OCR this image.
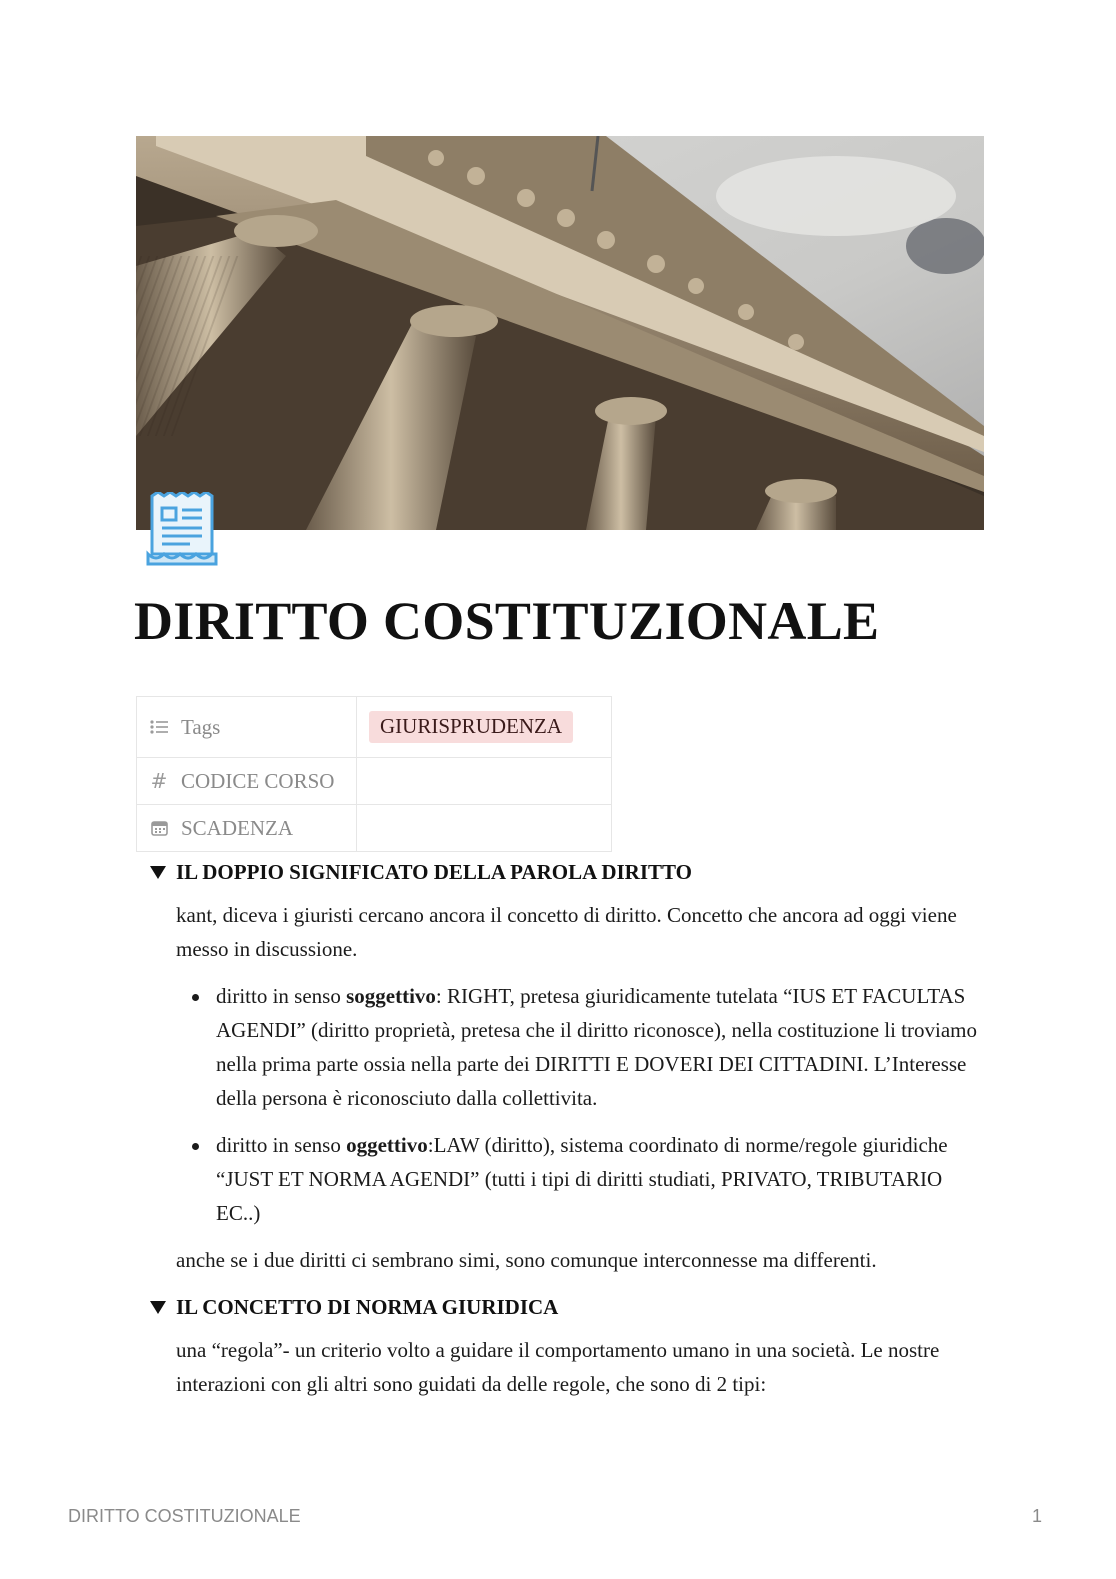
DIRITTO COSTITUZIONALE
Tags	GIURISPRUDENZA

# CODICE CORSO	

SCADENZA	

IL DOPPIO SIGNIFICATO DELLA PAROLA DIRITTO

kant, diceva i giuristi cercano ancora il concetto di diritto. Concetto che ancora ad oggi viene messo in discussione.

diritto in senso soggettivo: RIGHT, pretesa giuridicamente tutelata “IUS ET FACULTAS AGENDI” (diritto proprietà, pretesa che il diritto riconosce), nella costituzione li troviamo nella prima parte ossia nella parte dei DIRITTI E DOVERI DEI CITTADINI. L’Interesse della persona è riconosciuto dalla collettivita.
diritto in senso oggettivo:LAW (diritto), sistema coordinato di norme/regole giuridiche “JUST ET NORMA AGENDI” (tutti i tipi di diritti studiati, PRIVATO, TRIBUTARIO EC..)

anche se i due diritti ci sembrano simi, sono comunque interconnesse ma differenti.

IL CONCETTO DI NORMA GIURIDICA

una “regola”- un criterio volto a guidare il comportamento umano in una società. Le nostre interazioni con gli altri sono guidati da delle regole, che sono di 2 tipi:

DIRITTO COSTITUZIONALE	1
